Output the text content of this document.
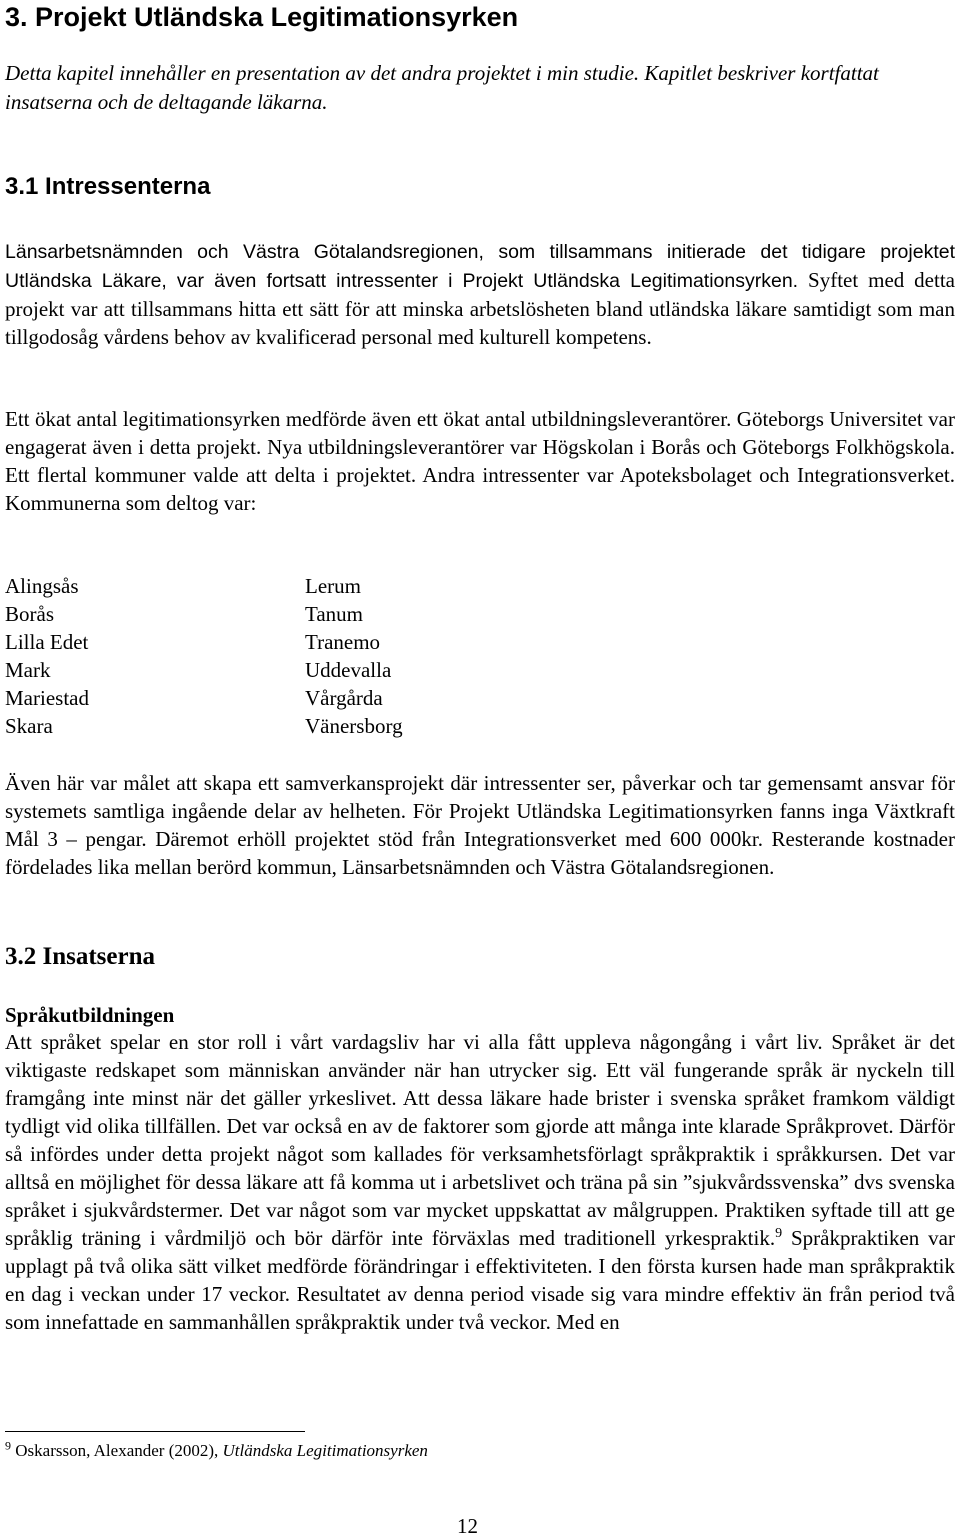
3. Projekt Utländska Legitimationsyrken

Detta kapitel innehåller en presentation av det andra projektet i min studie. Kapitlet beskriver kortfattat insatserna och de deltagande läkarna.

3.1 Intressenterna

Länsarbetsnämnden och Västra Götalandsregionen, som tillsammans initierade det tidigare projektet Utländska Läkare, var även fortsatt intressenter i Projekt Utländska Legitimationsyrken. Syftet med detta projekt var att tillsammans hitta ett sätt för att minska arbetslösheten bland utländska läkare samtidigt som man tillgodosåg vårdens behov av kvalificerad personal med kulturell kompetens.

Ett ökat antal legitimationsyrken medförde även ett ökat antal utbildningsleverantörer. Göteborgs Universitet var engagerat även i detta projekt. Nya utbildningsleverantörer var Högskolan i Borås och Göteborgs Folkhögskola. Ett flertal kommuner valde att delta i projektet. Andra intressenter var Apoteksbolaget och Integrationsverket. Kommunerna som deltog var:

Alingsås
Borås
Lilla Edet
Mark
Mariestad
Skara
Lerum
Tanum
Tranemo
Uddevalla
Vårgårda
Vänersborg

Även här var målet att skapa ett samverkansprojekt där intressenter ser, påverkar och tar gemensamt ansvar för systemets samtliga ingående delar av helheten. För Projekt Utländska Legitimationsyrken fanns inga Växtkraft Mål 3 – pengar. Däremot erhöll projektet stöd från Integrationsverket med 600 000kr. Resterande kostnader fördelades lika mellan berörd kommun, Länsarbetsnämnden och Västra Götalandsregionen.

3.2 Insatserna

Språkutbildningen

Att språket spelar en stor roll i vårt vardagsliv har vi alla fått uppleva någongång i vårt liv. Språket är det viktigaste redskapet som människan använder när han utrycker sig. Ett väl fungerande språk är nyckeln till framgång inte minst när det gäller yrkeslivet. Att dessa läkare hade brister i svenska språket framkom väldigt tydligt vid olika tillfällen. Det var också en av de faktorer som gjorde att många inte klarade Språkprovet. Därför så infördes under detta projekt något som kallades för verksamhetsförlagt språkpraktik i språkkursen. Det var alltså en möjlighet för dessa läkare att få komma ut i arbetslivet och träna på sin ”sjukvårdssvenska” dvs svenska språket i sjukvårdstermer. Det var något som var mycket uppskattat av målgruppen. Praktiken syftade till att ge språklig träning i vårdmiljö och bör därför inte förväxlas med traditionell yrkespraktik.$^9$ Språkpraktiken var upplagt på två olika sätt vilket medförde förändringar i effektiviteten. I den första kursen hade man språkpraktik en dag i veckan under 17 veckor. Resultatet av denna period visade sig vara mindre effektiv än från period två som innefattade en sammanhållen språkpraktik under två veckor. Med en

$^9$ Oskarsson, Alexander (2002), Utländska Legitimationsyrken

12
